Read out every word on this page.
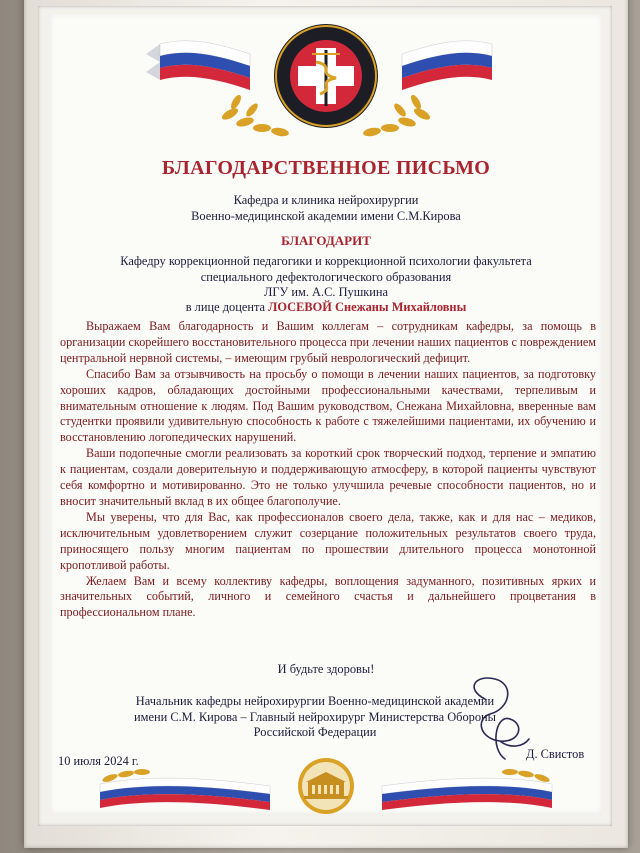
БЛАГОДАРСТВЕННОЕ ПИСЬМО
Кафедра и клиника нейрохирургии
Военно-медицинской академии имени С.М.Кирова
БЛАГОДАРИТ
Кафедру коррекционной педагогики и коррекционной психологии факультета
специального дефектологического образования
ЛГУ им. А.С. Пушкина
в лице доцента ЛОСЕВОЙ Снежаны Михайловны

Выражаем Вам благодарность и Вашим коллегам – сотрудникам кафедры, за помощь в организации скорейшего восстановительного процесса при лечении наших пациентов с повреждением центральной нервной системы, – имеющим грубый неврологический дефицит.

Спасибо Вам за отзывчивость на просьбу о помощи в лечении наших пациентов, за подготовку хороших кадров, обладающих достойными профессиональными качествами, терпеливым и внимательным отношение к людям. Под Вашим руководством, Снежана Михайловна, вверенные вам студентки проявили удивительную способность к работе с тяжелейшими пациентами, их обучению и восстановлению логопедических нарушений.

Ваши подопечные смогли реализовать за короткий срок творческий подход, терпение и эмпатию к пациентам, создали доверительную и поддерживающую атмосферу, в которой пациенты чувствуют себя комфортно и мотивированно. Это не только улучшила речевые способности пациентов, но и вносит значительный вклад в их общее благополучие.

Мы уверены, что для Вас, как профессионалов своего дела, также, как и для нас – медиков, исключительным удовлетворением служит созерцание положительных результатов своего труда, приносящего пользу многим пациентам по прошествии длительного процесса монотонной кропотливой работы.

Желаем Вам и всему коллективу кафедры, воплощения задуманного, позитивных ярких и значительных событий, личного и семейного счастья и дальнейшего процветания в профессиональном плане.

И будьте здоровы!
Начальник кафедры нейрохирургии Военно-медицинской академии
имени С.М. Кирова – Главный нейрохирург Министерства Обороны
Российской Федерации
10 июля 2024 г.	Д. Свистов
